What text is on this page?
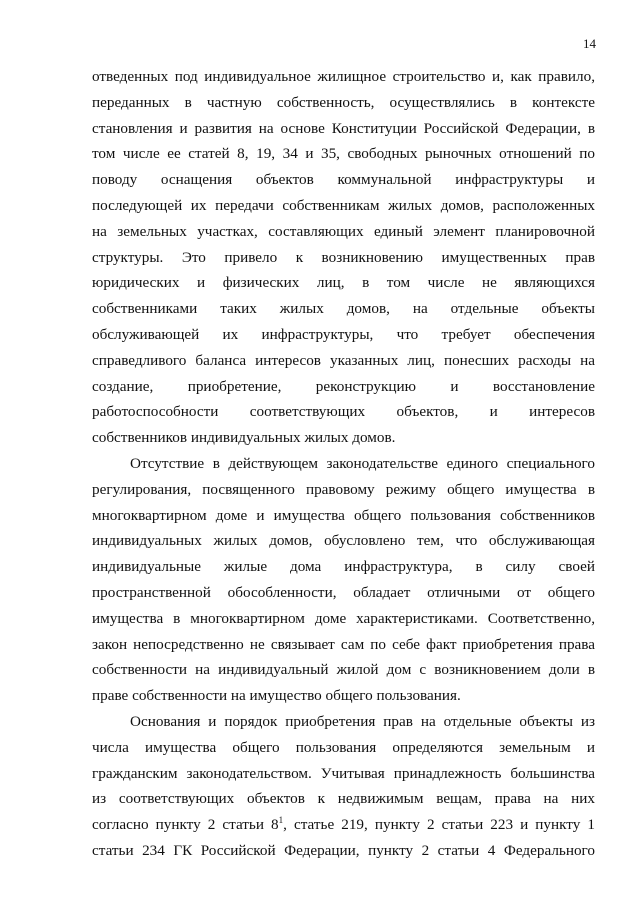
14
отведенных под индивидуальное жилищное строительство и, как правило,
переданных в частную собственность, осуществлялись в контексте
становления и развития на основе Конституции Российской Федерации, в
том числе ее статей 8, 19, 34 и 35, свободных рыночных отношений по
поводу оснащения объектов коммунальной инфраструктуры и
последующей их передачи собственникам жилых домов, расположенных
на земельных участках, составляющих единый элемент планировочной
структуры. Это привело к возникновению имущественных прав
юридических и физических лиц, в том числе не являющихся
собственниками таких жилых домов, на отдельные объекты
обслуживающей их инфраструктуры, что требует обеспечения
справедливого баланса интересов указанных лиц, понесших расходы на
создание, приобретение, реконструкцию и восстановление
работоспособности соответствующих объектов, и интересов
собственников индивидуальных жилых домов.
Отсутствие в действующем законодательстве единого специального
регулирования, посвященного правовому режиму общего имущества в
многоквартирном доме и имущества общего пользования собственников
индивидуальных жилых домов, обусловлено тем, что обслуживающая
индивидуальные жилые дома инфраструктура, в силу своей
пространственной обособленности, обладает отличными от общего
имущества в многоквартирном доме характеристиками. Соответственно,
закон непосредственно не связывает сам по себе факт приобретения права
собственности на индивидуальный жилой дом с возникновением доли в
праве собственности на имущество общего пользования.
Основания и порядок приобретения прав на отдельные объекты из
числа имущества общего пользования определяются земельным и
гражданским законодательством. Учитывая принадлежность большинства
из соответствующих объектов к недвижимым вещам, права на них
согласно пункту 2 статьи $8^1$, статье 219, пункту 2 статьи 223 и пункту 1
статьи 234 ГК Российской Федерации, пункту 2 статьи 4 Федерального
